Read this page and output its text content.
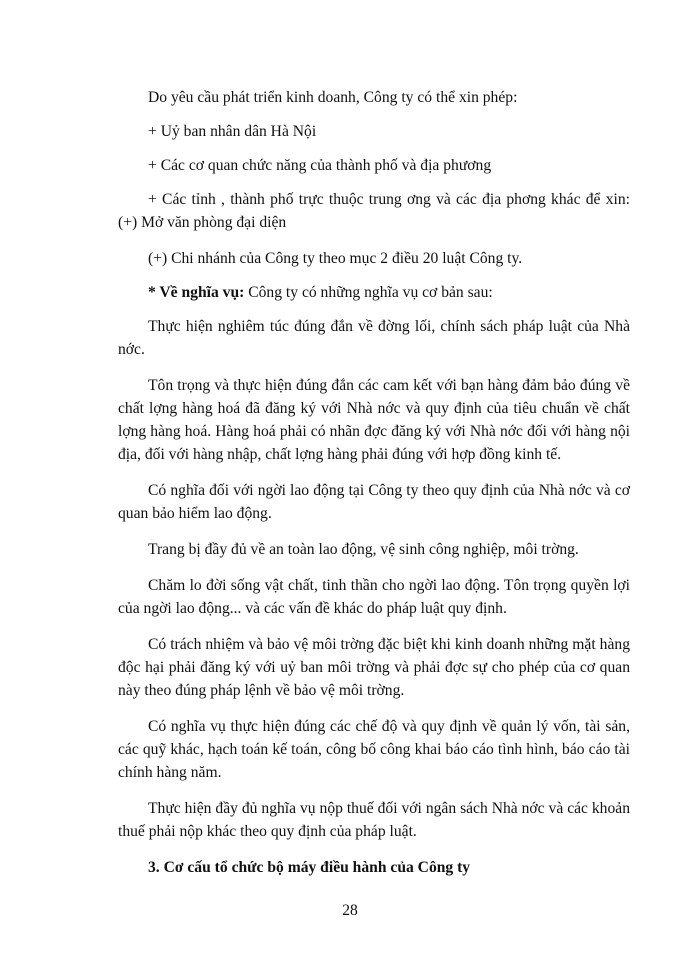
Do yêu cầu phát triển kinh doanh, Công ty có thể xin phép:

+ Uỷ ban nhân dân Hà Nội

+ Các cơ quan chức năng của thành phố và địa phương

+ Các tỉnh , thành phố trực thuộc trung ơng và các địa phơng khác để xin: (+) Mở văn phòng đại diện

(+) Chi nhánh của Công ty theo mục 2 điều 20 luật Công ty.

* Về nghĩa vụ: Công ty có những nghĩa vụ cơ bản sau:

Thực hiện nghiêm túc đúng đắn về đờng lối, chính sách pháp luật của Nhà nớc.

Tôn trọng và thực hiện đúng đắn các cam kết với bạn hàng đảm bảo đúng về chất lợng hàng hoá đã đăng ký với Nhà nớc và quy định của tiêu chuẩn về chất lợng hàng hoá. Hàng hoá phải có nhãn đợc đăng ký với Nhà nớc đối với hàng nội địa, đối với hàng nhập, chất lợng hàng phải đúng với hợp đồng kinh tế.

Có nghĩa đối với ngời lao động tại Công ty theo quy định của Nhà nớc và cơ quan bảo hiểm lao động.

Trang bị đầy đủ về an toàn lao động, vệ sinh công nghiệp, môi trờng.

Chăm lo đời sống vật chất, tinh thần cho ngời lao động. Tôn trọng quyền lợi của ngời lao động... và các vấn đề khác do pháp luật quy định.

Có trách nhiệm và bảo vệ môi trờng đặc biệt khi kinh doanh những mặt hàng độc hại phải đăng ký với uỷ ban môi trờng và phải đợc sự cho phép của cơ quan này theo đúng pháp lệnh về bảo vệ môi trờng.

Có nghĩa vụ thực hiện đúng các chế độ và quy định về quản lý vốn, tài sản, các quỹ khác, hạch toán kế toán, công bố công khai báo cáo tình hình, báo cáo tài chính hàng năm.

Thực hiện đầy đủ nghĩa vụ nộp thuế đối với ngân sách Nhà nớc và các khoản thuế phải nộp khác theo quy định của pháp luật.

3. Cơ cấu tổ chức bộ máy điều hành của Công ty

28
